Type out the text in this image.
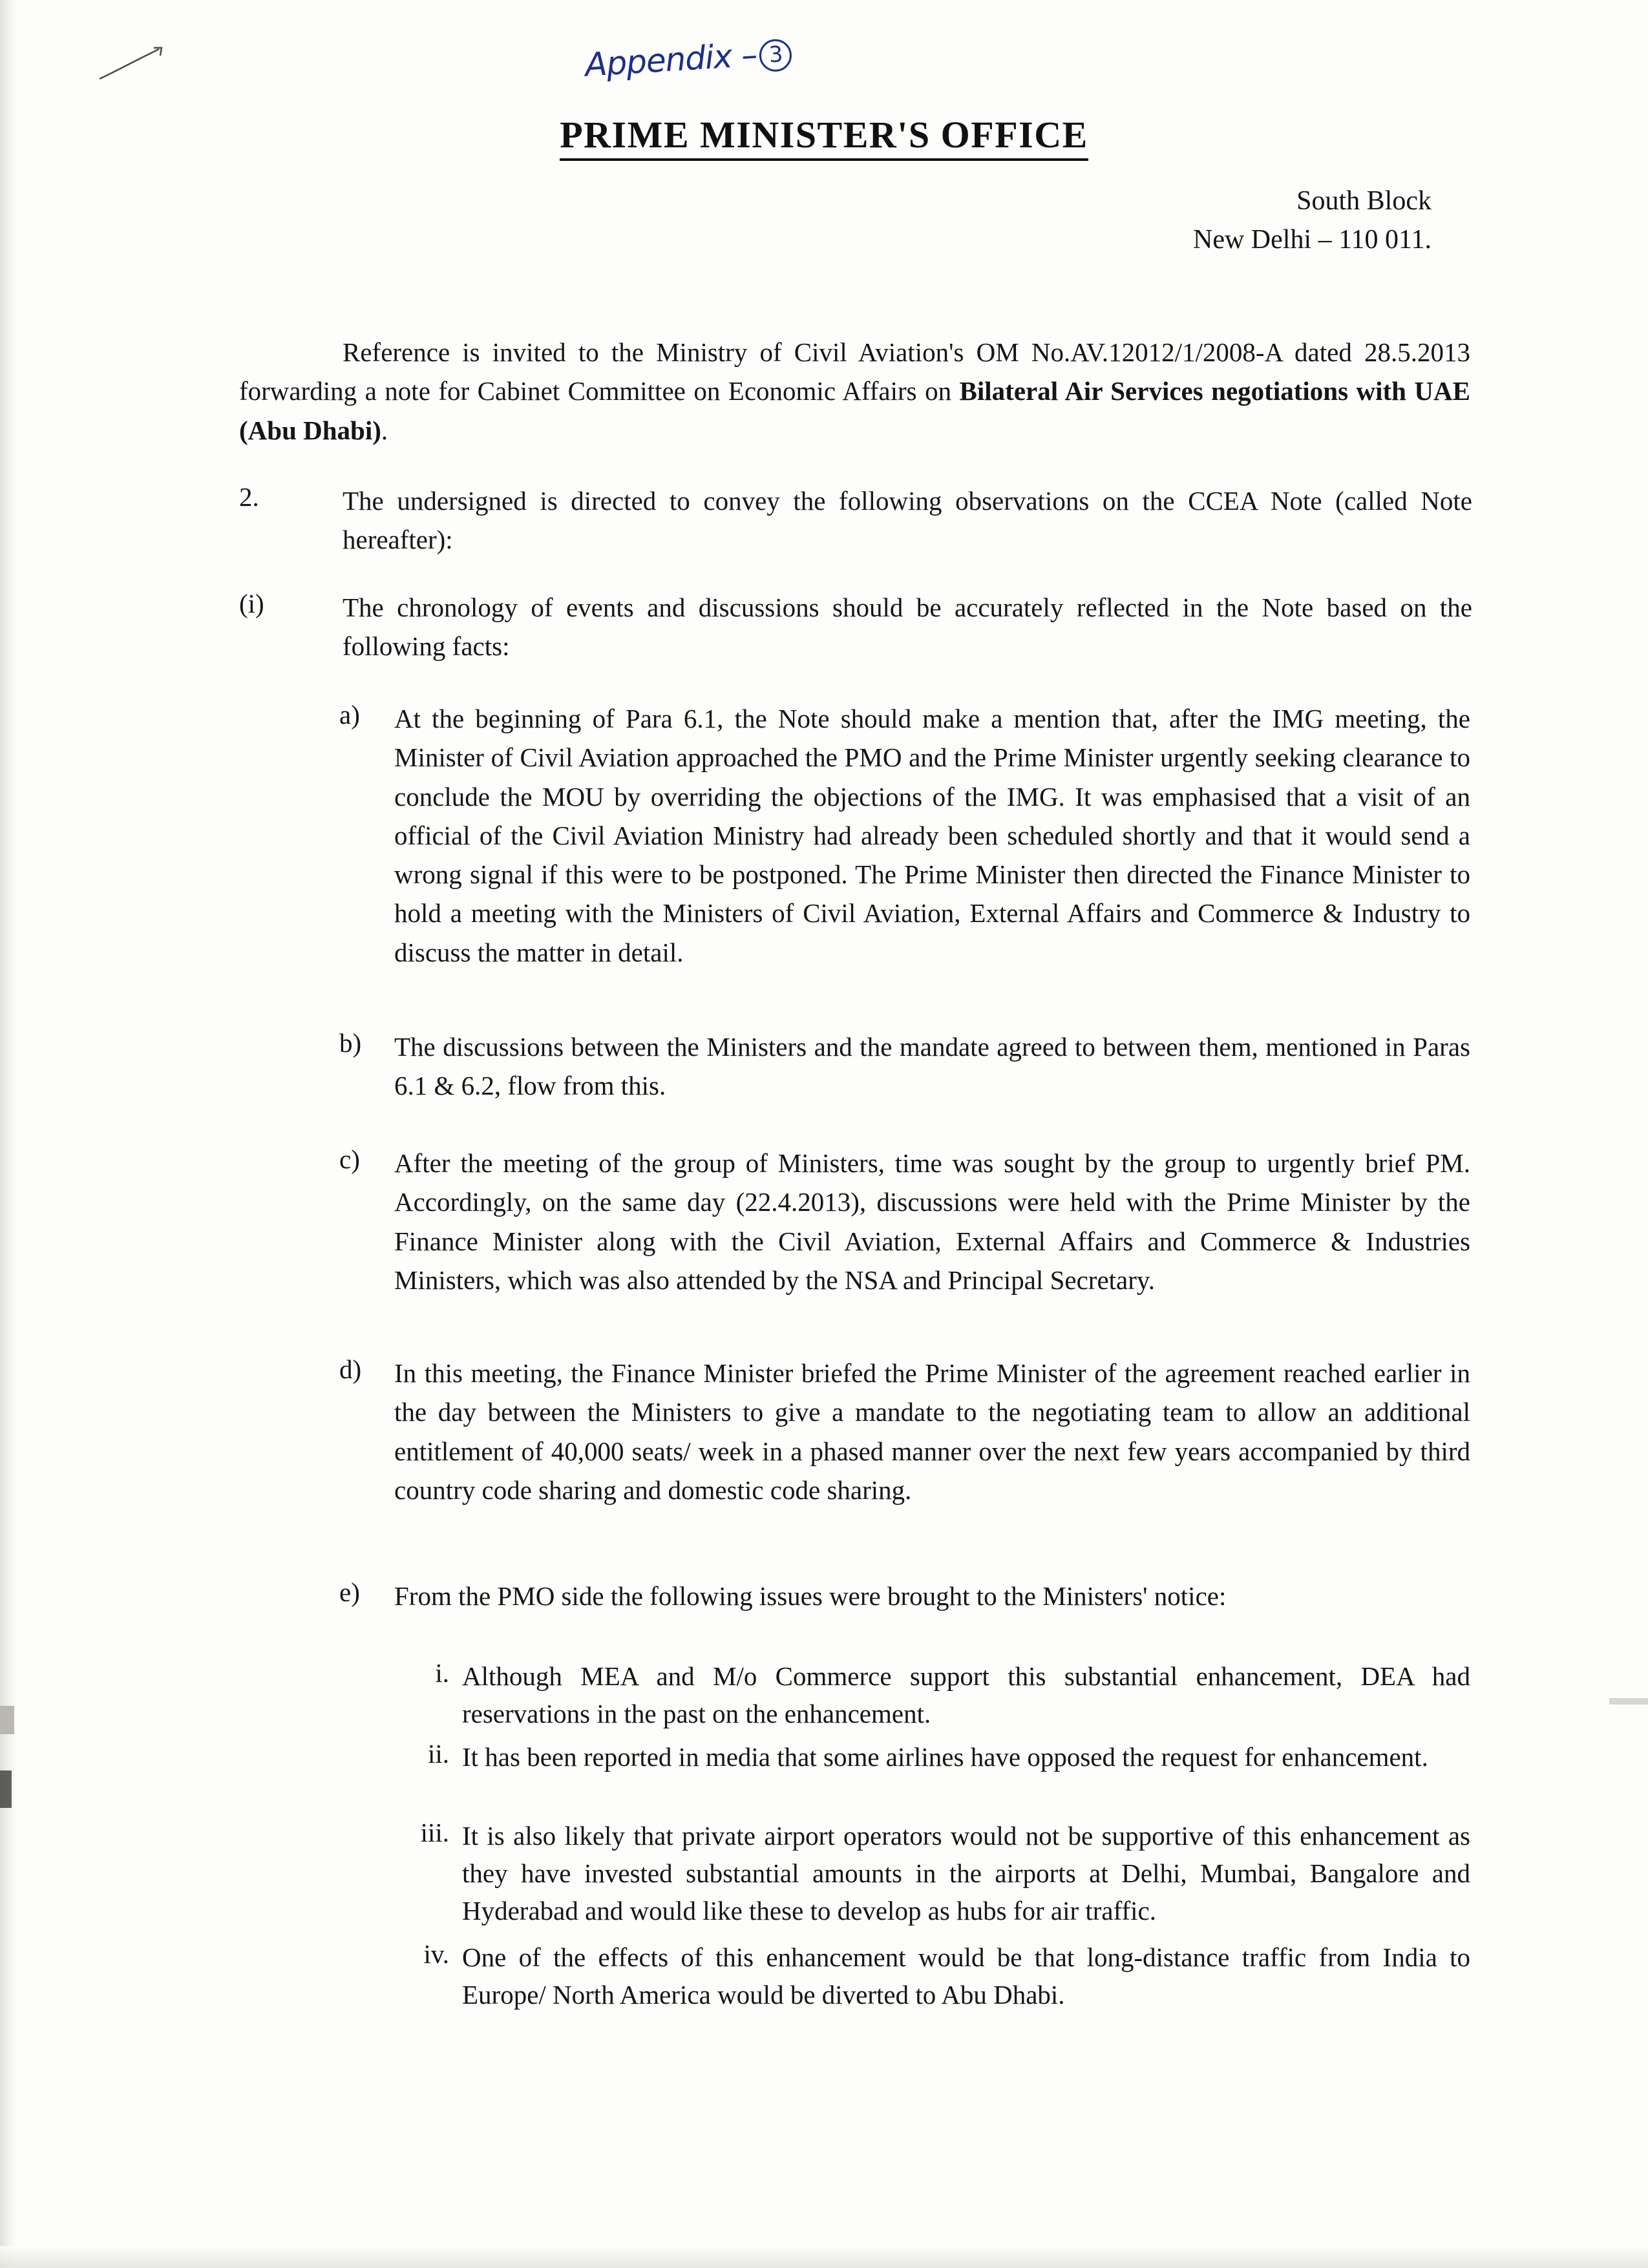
Appendix – 3
PRIME MINISTER'S OFFICE
South Block
New Delhi – 110 011.
Reference is invited to the Ministry of Civil Aviation's OM No.AV.12012/1/2008-A dated 28.5.2013 forwarding a note for Cabinet Committee on Economic Affairs on Bilateral Air Services negotiations with UAE (Abu Dhabi).
2.	The undersigned is directed to convey the following observations on the CCEA Note (called Note hereafter):
(i)	The chronology of events and discussions should be accurately reflected in the Note based on the following facts:
a) At the beginning of Para 6.1, the Note should make a mention that, after the IMG meeting, the Minister of Civil Aviation approached the PMO and the Prime Minister urgently seeking clearance to conclude the MOU by overriding the objections of the IMG. It was emphasised that a visit of an official of the Civil Aviation Ministry had already been scheduled shortly and that it would send a wrong signal if this were to be postponed. The Prime Minister then directed the Finance Minister to hold a meeting with the Ministers of Civil Aviation, External Affairs and Commerce & Industry to discuss the matter in detail.
b) The discussions between the Ministers and the mandate agreed to between them, mentioned in Paras 6.1 & 6.2, flow from this.
c) After the meeting of the group of Ministers, time was sought by the group to urgently brief PM. Accordingly, on the same day (22.4.2013), discussions were held with the Prime Minister by the Finance Minister along with the Civil Aviation, External Affairs and Commerce & Industries Ministers, which was also attended by the NSA and Principal Secretary.
d) In this meeting, the Finance Minister briefed the Prime Minister of the agreement reached earlier in the day between the Ministers to give a mandate to the negotiating team to allow an additional entitlement of 40,000 seats/ week in a phased manner over the next few years accompanied by third country code sharing and domestic code sharing.
e) From the PMO side the following issues were brought to the Ministers' notice:
i. Although MEA and M/o Commerce support this substantial enhancement, DEA had reservations in the past on the enhancement.
ii. It has been reported in media that some airlines have opposed the request for enhancement.
iii. It is also likely that private airport operators would not be supportive of this enhancement as they have invested substantial amounts in the airports at Delhi, Mumbai, Bangalore and Hyderabad and would like these to develop as hubs for air traffic.
iv. One of the effects of this enhancement would be that long-distance traffic from India to Europe/ North America would be diverted to Abu Dhabi.
